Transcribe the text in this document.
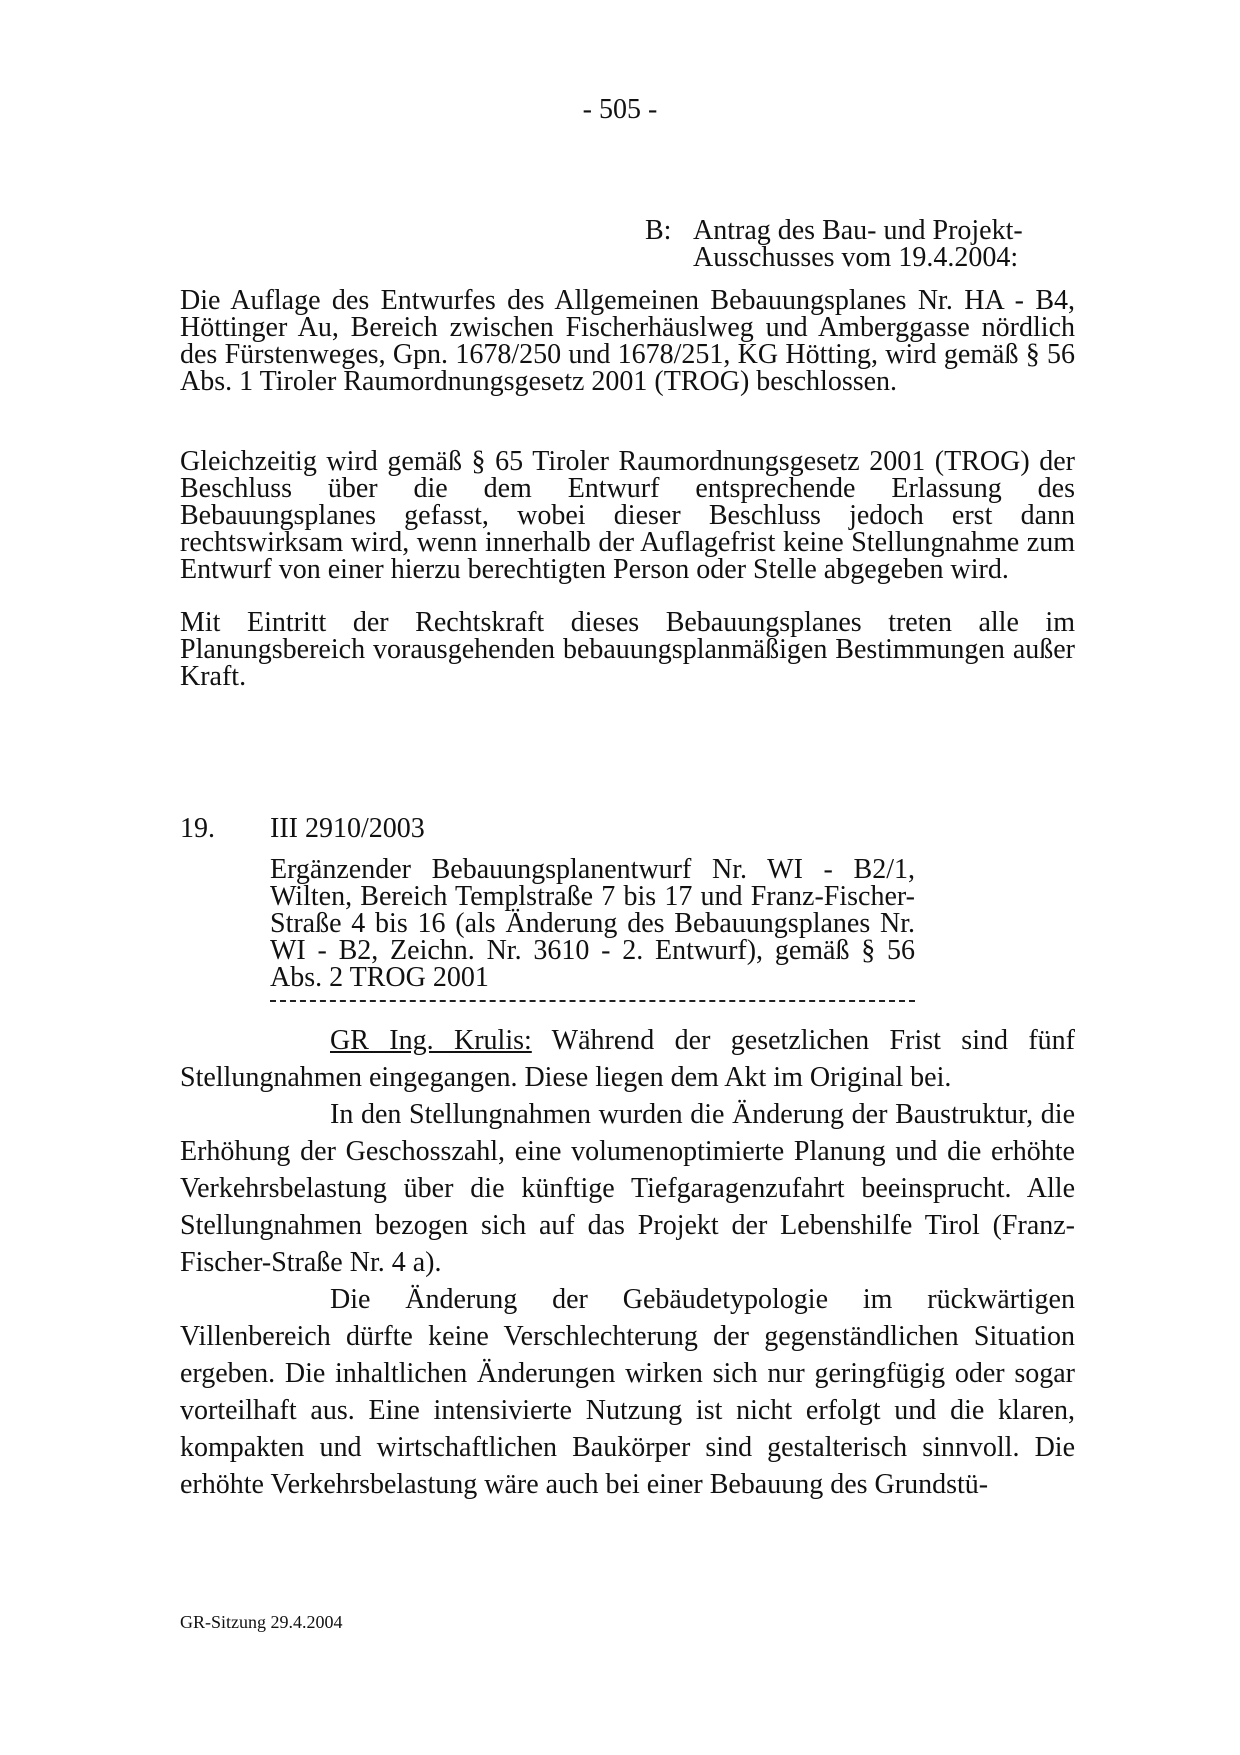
- 505 -
B: Antrag des Bau- und Projekt-
Ausschusses vom 19.4.2004:
Die Auflage des Entwurfes des Allgemeinen Bebauungsplanes Nr. HA - B4, Höttinger Au, Bereich zwischen Fischerhäuslweg und Amberggasse nördlich des Fürstenweges, Gpn. 1678/250 und 1678/251, KG Hötting, wird gemäß § 56 Abs. 1 Tiroler Raumordnungsgesetz 2001 (TROG) beschlossen.
Gleichzeitig wird gemäß § 65 Tiroler Raumordnungsgesetz 2001 (TROG) der Beschluss über die dem Entwurf entsprechende Erlassung des Bebauungsplanes gefasst, wobei dieser Beschluss jedoch erst dann rechtswirksam wird, wenn innerhalb der Auflagefrist keine Stellungnahme zum Entwurf von einer hierzu berechtigten Person oder Stelle abgegeben wird.
Mit Eintritt der Rechtskraft dieses Bebauungsplanes treten alle im Planungsbereich vorausgehenden bebauungsplanmäßigen Bestimmungen außer Kraft.
19. III 2910/2003
Ergänzender Bebauungsplanentwurf Nr. WI - B2/1, Wilten, Bereich Templstraße 7 bis 17 und Franz-Fischer-Straße 4 bis 16 (als Änderung des Bebauungsplanes Nr. WI - B2, Zeichn. Nr. 3610 - 2. Entwurf), gemäß § 56 Abs. 2 TROG 2001

GR Ing. Krulis: Während der gesetzlichen Frist sind fünf Stellungnahmen eingegangen. Diese liegen dem Akt im Original bei.

In den Stellungnahmen wurden die Änderung der Baustruktur, die Erhöhung der Geschosszahl, eine volumenoptimierte Planung und die erhöhte Verkehrsbelastung über die künftige Tiefgaragenzufahrt beeinsprucht. Alle Stellungnahmen bezogen sich auf das Projekt der Lebenshilfe Tirol (Franz-Fischer-Straße Nr. 4 a).

Die Änderung der Gebäudetypologie im rückwärtigen Villenbereich dürfte keine Verschlechterung der gegenständlichen Situation ergeben. Die inhaltlichen Änderungen wirken sich nur geringfügig oder sogar vorteilhaft aus. Eine intensivierte Nutzung ist nicht erfolgt und die klaren, kompakten und wirtschaftlichen Baukörper sind gestalterisch sinnvoll. Die erhöhte Verkehrsbelastung wäre auch bei einer Bebauung des Grundstü-

GR-Sitzung 29.4.2004
